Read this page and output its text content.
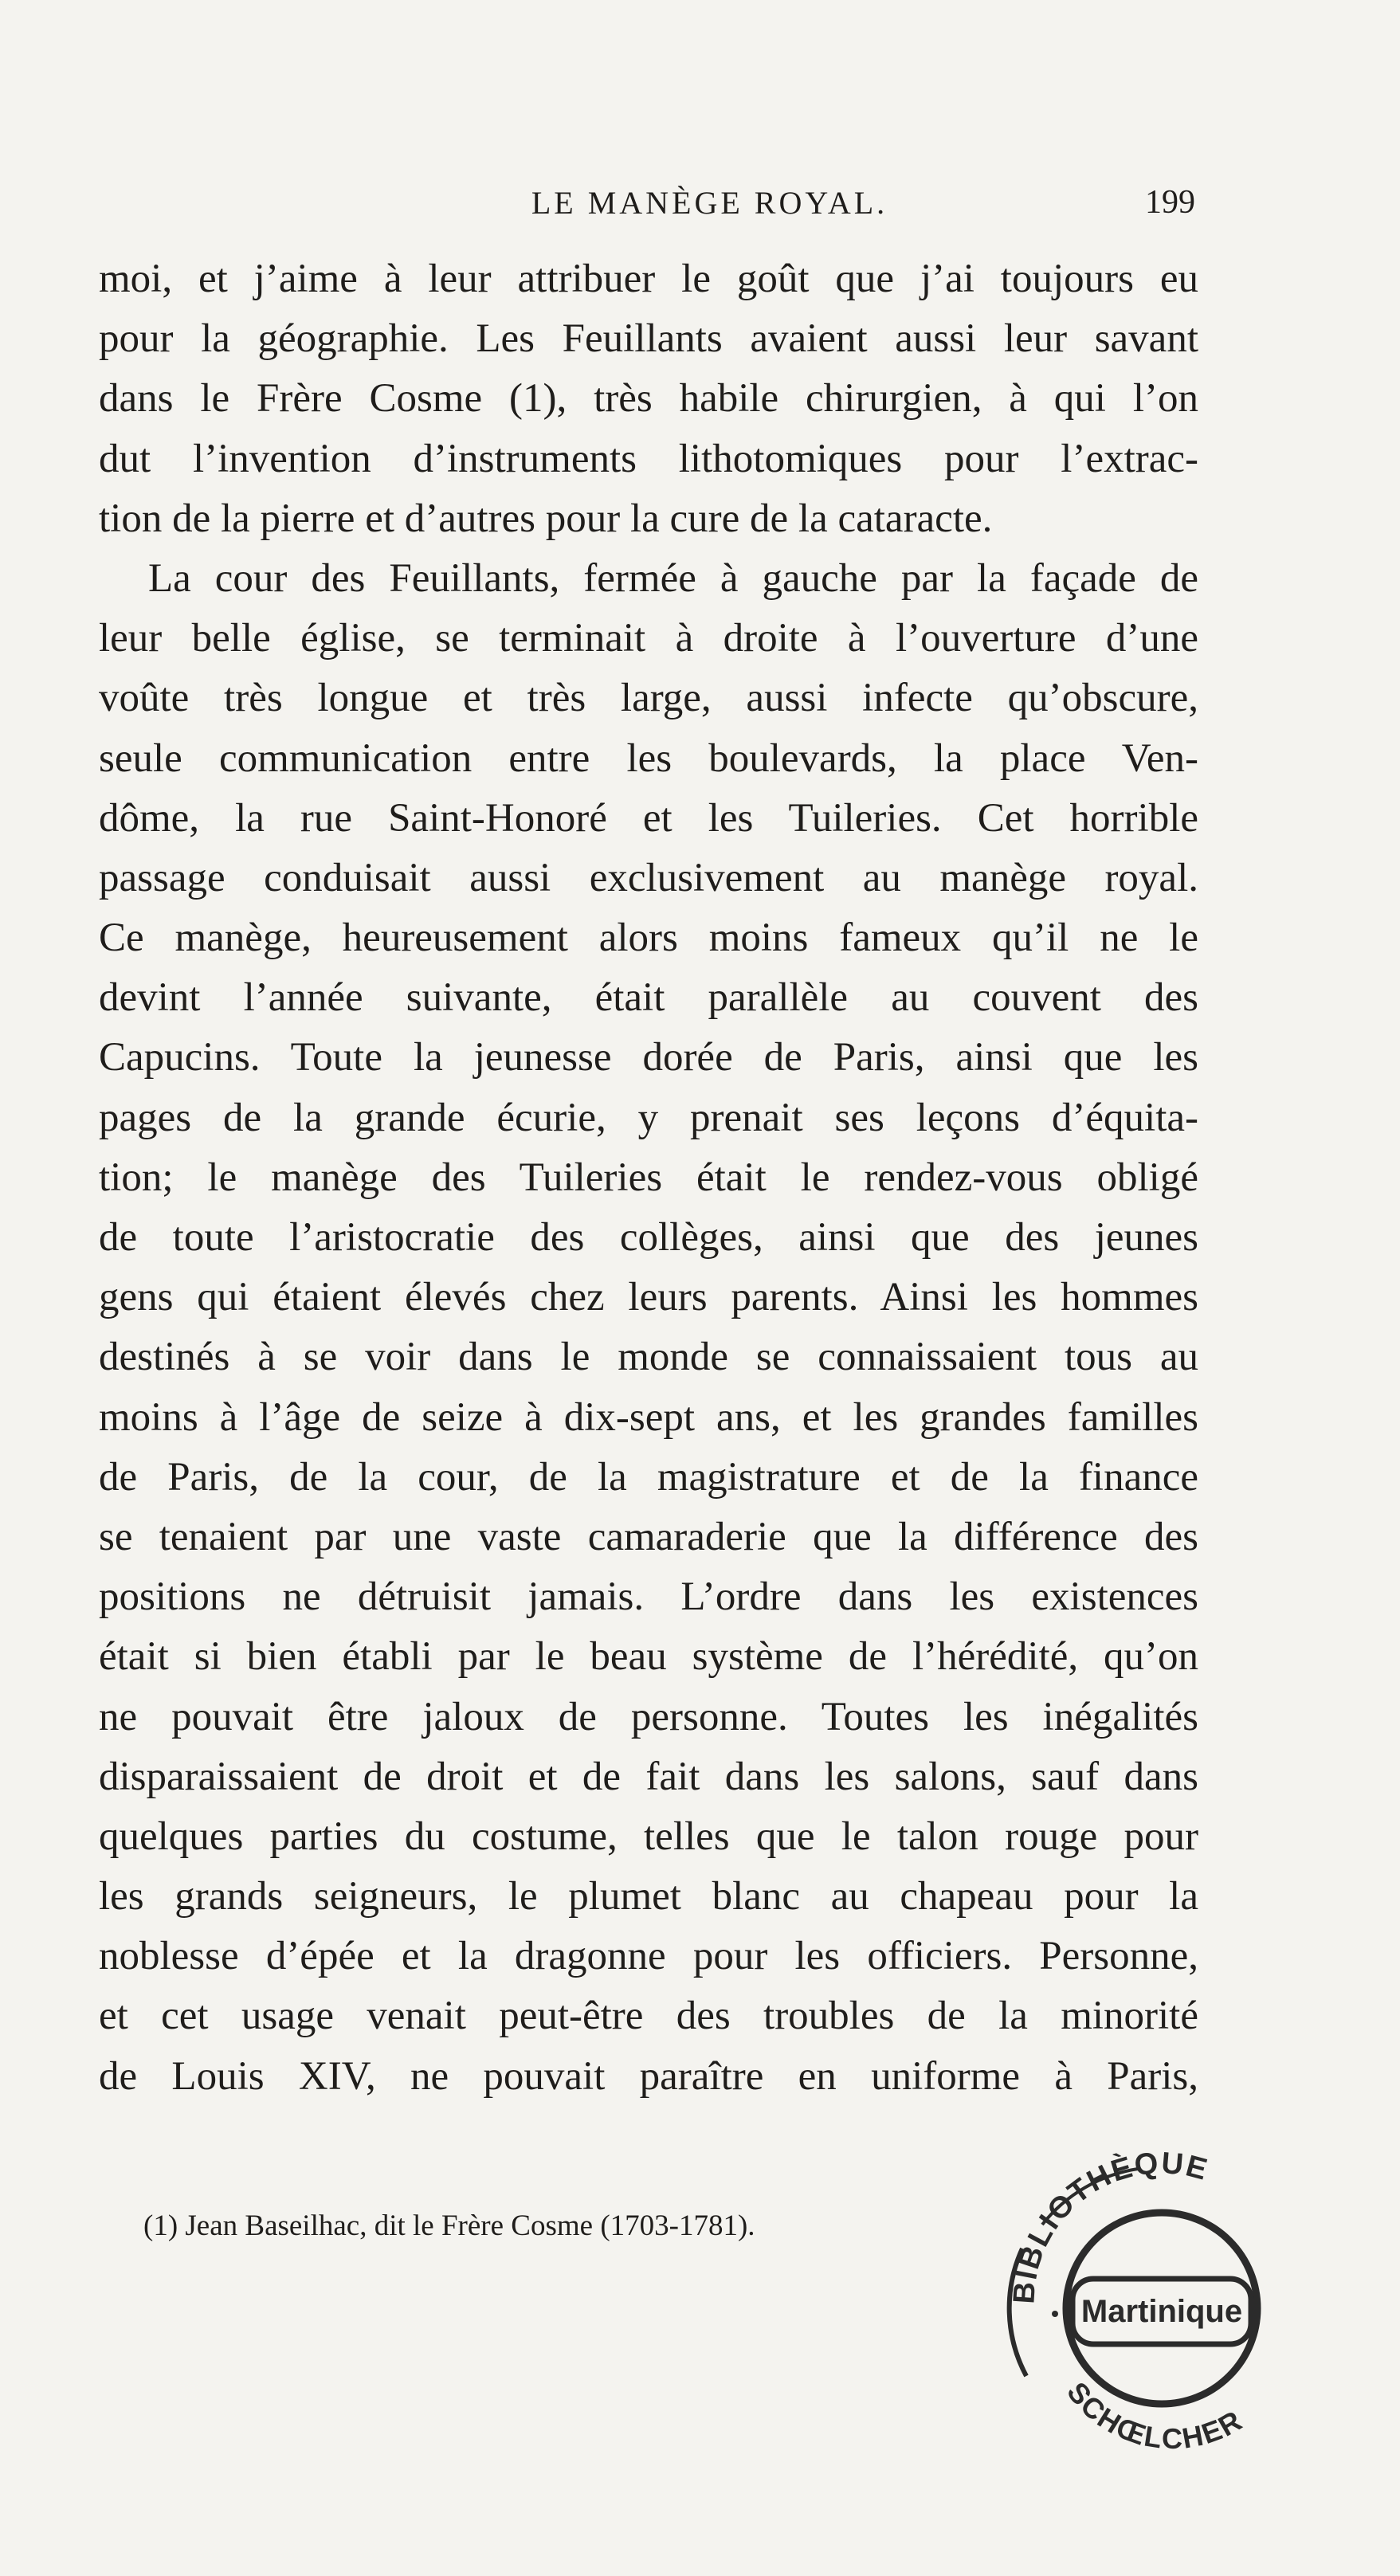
LE MANÈGE ROYAL.	199
moi, et j’aime à leur attribuer le goût que j’ai toujours eu
pour la géographie. Les Feuillants avaient aussi leur savant
dans le Frère Cosme (1), très habile chirurgien, à qui l’on
dut l’invention d’instruments lithotomiques pour l’extrac-
tion de la pierre et d’autres pour la cure de la cataracte.
La cour des Feuillants, fermée à gauche par la façade de
leur belle église, se terminait à droite à l’ouverture d’une
voûte très longue et très large, aussi infecte qu’obscure,
seule communication entre les boulevards, la place Ven-
dôme, la rue Saint-Honoré et les Tuileries. Cet horrible
passage conduisait aussi exclusivement au manège royal.
Ce manège, heureusement alors moins fameux qu’il ne le
devint l’année suivante, était parallèle au couvent des
Capucins. Toute la jeunesse dorée de Paris, ainsi que les
pages de la grande écurie, y prenait ses leçons d’équita-
tion; le manège des Tuileries était le rendez-vous obligé
de toute l’aristocratie des collèges, ainsi que des jeunes
gens qui étaient élevés chez leurs parents. Ainsi les hommes
destinés à se voir dans le monde se connaissaient tous au
moins à l’âge de seize à dix-sept ans, et les grandes familles
de Paris, de la cour, de la magistrature et de la finance
se tenaient par une vaste camaraderie que la différence des
positions ne détruisit jamais. L’ordre dans les existences
était si bien établi par le beau système de l’hérédité, qu’on
ne pouvait être jaloux de personne. Toutes les inégalités
disparaissaient de droit et de fait dans les salons, sauf dans
quelques parties du costume, telles que le talon rouge pour
les grands seigneurs, le plumet blanc au chapeau pour la
noblesse d’épée et la dragonne pour les officiers. Personne,
et cet usage venait peut-être des troubles de la minorité
de Louis XIV, ne pouvait paraître en uniforme à Paris,
(1) Jean Baseilhac, dit le Frère Cosme (1703-1781).
Martinique
BIBLIOTHÈQUE
SCHŒLCHER
